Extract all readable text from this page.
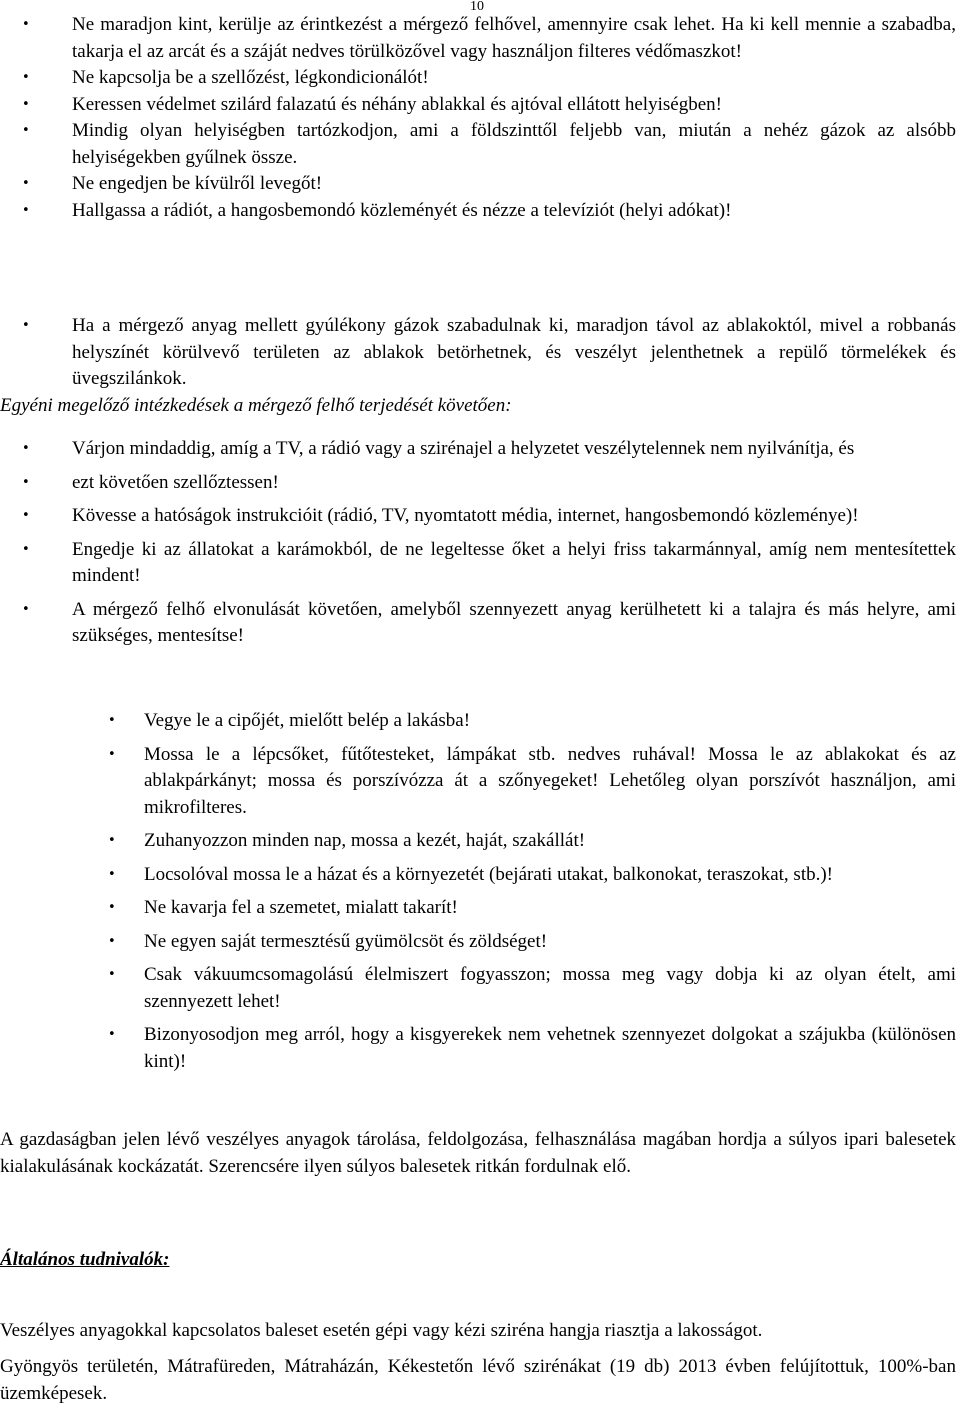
10
• Ne maradjon kint, kerülje az érintkezést a mérgező felhővel, amennyire csak lehet. Ha ki kell mennie a szabadba, takarja el az arcát és a száját nedves törülközővel vagy használjon filteres védőmaszkot!
• Ne kapcsolja be a szellőzést, légkondicionálót!
• Keressen védelmet szilárd falazatú és néhány ablakkal és ajtóval ellátott helyiségben!
• Mindig olyan helyiségben tartózkodjon, ami a földszinttől feljebb van, miután a nehéz gázok az alsóbb helyiségekben gyűlnek össze.
• Ne engedjen be kívülről levegőt!
• Hallgassa a rádiót, a hangosbemondó közleményét és nézze a televíziót (helyi adókat)!
• Ha a mérgező anyag mellett gyúlékony gázok szabadulnak ki, maradjon távol az ablakoktól, mivel a robbanás helyszínét körülvevő területen az ablakok betörhetnek, és veszélyt jelenthetnek a repülő törmelékek és üvegszilánkok.

Egyéni megelőző intézkedések a mérgező felhő terjedését követően:

• Várjon mindaddig, amíg a TV, a rádió vagy a szirénajel a helyzetet veszélytelennek nem nyilvánítja, és
• ezt követően szellőztessen!
• Kövesse a hatóságok instrukcióit (rádió, TV, nyomtatott média, internet, hangosbemondó közleménye)!
• Engedje ki az állatokat a karámokból, de ne legeltesse őket a helyi friss takarmánnyal, amíg nem mentesítettek mindent!
• A mérgező felhő elvonulását követően, amelyből szennyezett anyag kerülhetett ki a talajra és más helyre, ami szükséges, mentesítse!
• Vegye le a cipőjét, mielőtt belép a lakásba!
• Mossa le a lépcsőket, fűtőtesteket, lámpákat stb. nedves ruhával! Mossa le az ablakokat és az ablakpárkányt; mossa és porszívózza át a szőnyegeket! Lehetőleg olyan porszívót használjon, ami mikrofilteres.
• Zuhanyozzon minden nap, mossa a kezét, haját, szakállát!
• Locsolóval mossa le a házat és a környezetét (bejárati utakat, balkonokat, teraszokat, stb.)!
• Ne kavarja fel a szemetet, mialatt takarít!
• Ne egyen saját termesztésű gyümölcsöt és zöldséget!
• Csak vákuumcsomagolású élelmiszert fogyasszon; mossa meg vagy dobja ki az olyan ételt, ami szennyezett lehet!
• Bizonyosodjon meg arról, hogy a kisgyerekek nem vehetnek szennyezet dolgokat a szájukba (különösen kint)!

A gazdaságban jelen lévő veszélyes anyagok tárolása, feldolgozása, felhasználása magában hordja a súlyos ipari balesetek kialakulásának kockázatát. Szerencsére ilyen súlyos balesetek ritkán fordulnak elő.

Általános tudnivalók:

Veszélyes anyagokkal kapcsolatos baleset esetén gépi vagy kézi sziréna hangja riasztja a lakosságot.

Gyöngyös területén, Mátrafüreden, Mátraházán, Kékestetőn lévő szirénákat (19 db) 2013 évben felújítottuk, 100%-ban üzemképesek.
